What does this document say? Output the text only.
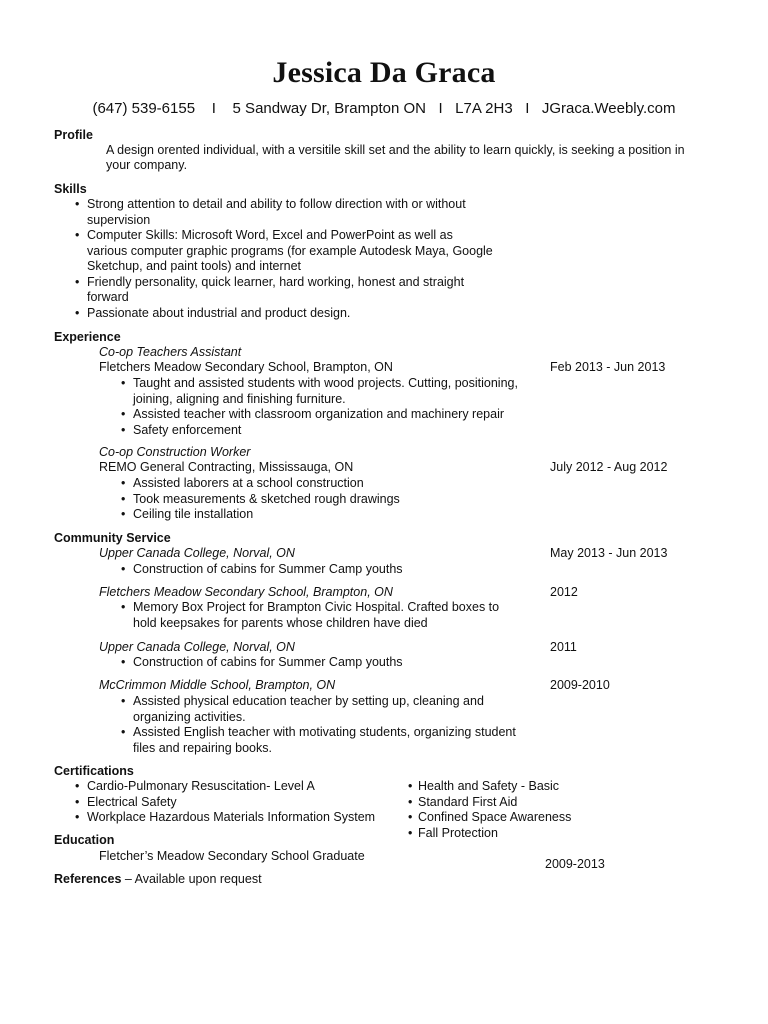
Jessica Da Graca
(647) 539-6155    I    5 Sandway Dr, Brampton ON   I   L7A 2H3   I   JGraca.Weebly.com
Profile
A design orented individual, with a versitile skill set and the ability to learn quickly, is seeking a position in
your company.
Skills
• Strong attention to detail and ability to follow direction with or without
supervision
• Computer Skills: Microsoft Word, Excel and PowerPoint as well as
various computer graphic programs (for example Autodesk Maya, Google
Sketchup, and paint tools) and internet
• Friendly personality, quick learner, hard working, honest and straight
forward
• Passionate about industrial and product design.
Experience
Co-op Teachers Assistant
Fletchers Meadow Secondary School, Brampton, ON	Feb 2013 - Jun 2013
• Taught and assisted students with wood projects. Cutting, positioning,
joining, aligning and finishing furniture.
• Assisted teacher with classroom organization and machinery repair
• Safety enforcement
Co-op Construction Worker
REMO General Contracting, Mississauga, ON	July 2012 - Aug 2012
• Assisted laborers at a school construction
• Took measurements & sketched rough drawings
• Ceiling tile installation
Community Service
Upper Canada College, Norval, ON	May 2013 - Jun 2013
• Construction of cabins for Summer Camp youths
Fletchers Meadow Secondary School, Brampton, ON	2012
• Memory Box Project for Brampton Civic Hospital. Crafted boxes to
hold keepsakes for parents whose children have died
Upper Canada College, Norval, ON	2011
• Construction of cabins for Summer Camp youths
McCrimmon Middle School, Brampton, ON	2009-2010
• Assisted physical education teacher by setting up, cleaning and
organizing activities.
• Assisted English teacher with motivating students, organizing student
files and repairing books.
Certifications
• Cardio-Pulmonary Resuscitation- Level A
• Electrical Safety
• Workplace Hazardous Materials Information System
• Health and Safety - Basic
• Standard First Aid
• Confined Space Awareness
• Fall Protection
Education
Fletcher’s Meadow Secondary School Graduate
2009-2013
References – Available upon request
